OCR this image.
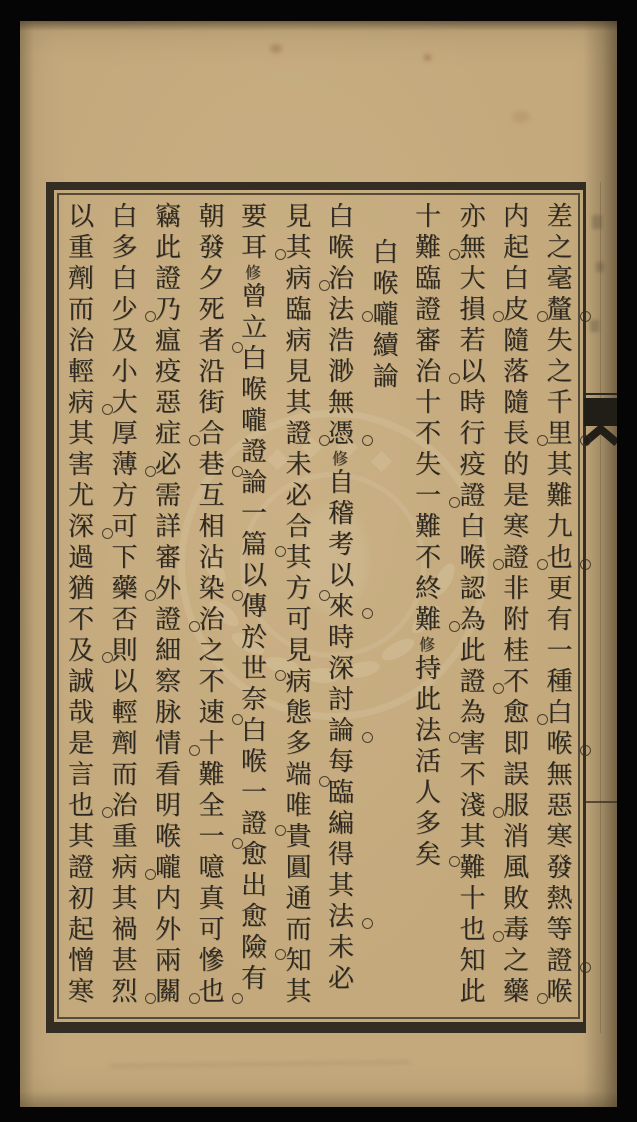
差之毫釐失之千里其難九也更有一種白喉無惡寒發熱等證喉
内起白皮隨落隨長的是寒證非附桂不愈即誤服消風敗毒之藥
亦無大損若以時行疫證白喉認為此證為害不淺其難十也知此
十難臨證審治十不失一難不終難修持此法活人多矣
白喉嚨續論
白喉治法浩渺無憑修自稽考以來時深討論每臨編得其法未必
見其病臨病見其證未必合其方可見病態多端唯貴圓通而知其
要耳修曾立白喉嚨證論一篇以傳於世奈白喉一證愈出愈險有
朝發夕死者沿街合巷互相沾染治之不速十難全一噫真可慘也
竊此證乃瘟疫惡症必需詳審外證細察脉情看明喉嚨内外兩關
白多白少及小大厚薄方可下藥否則以輕劑而治重病其禍甚烈
以重劑而治輕病其害尤深過猶不及誠哉是言也其證初起憎寒
